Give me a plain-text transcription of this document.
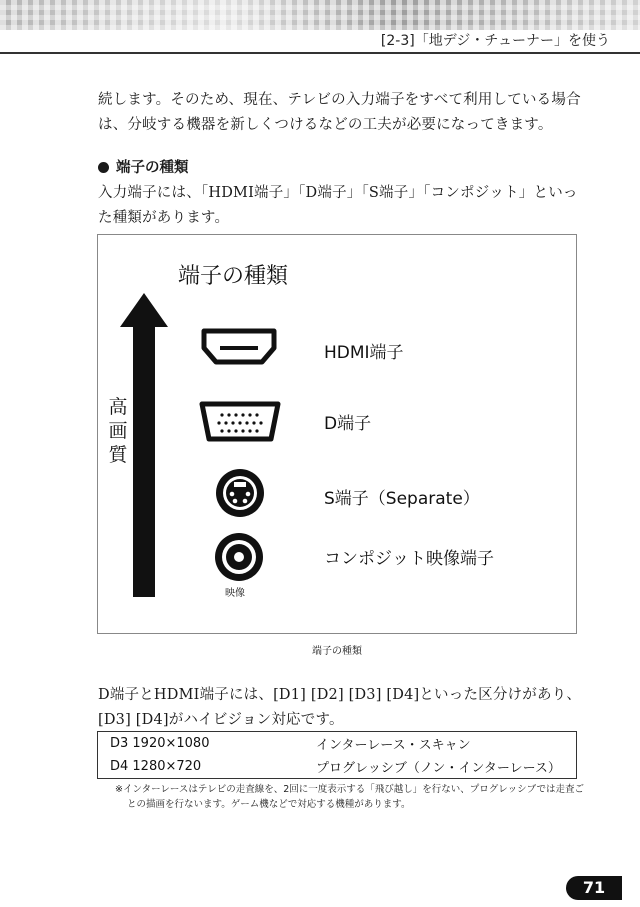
[2-3]「地デジ・チューナー」を使う

続します。そのため、現在、テレビの入力端子をすべて利用している場合は、分岐する機器を新しくつけるなどの工夫が必要になってきます。

端子の種類

入力端子には、「HDMI端子」「D端子」「S端子」「コンポジット」といった種類があります。

端子の種類
高画質
HDMI端子
D端子
S端子（Separate）
コンポジット映像端子
映像
端子の種類

D端子とHDMI端子には、[D1] [D2] [D3] [D4]といった区分けがあり、[D3] [D4]がハイビジョン対応です。

D3 1920×1080	インターレース・スキャン
D4 1280×720	プログレッシブ（ノン・インターレース）

※インターレースはテレビの走査線を、2回に一度表示する「飛び越し」を行ない、プログレッシブでは走査ごとの描画を行ないます。ゲーム機などで対応する機種があります。

71
